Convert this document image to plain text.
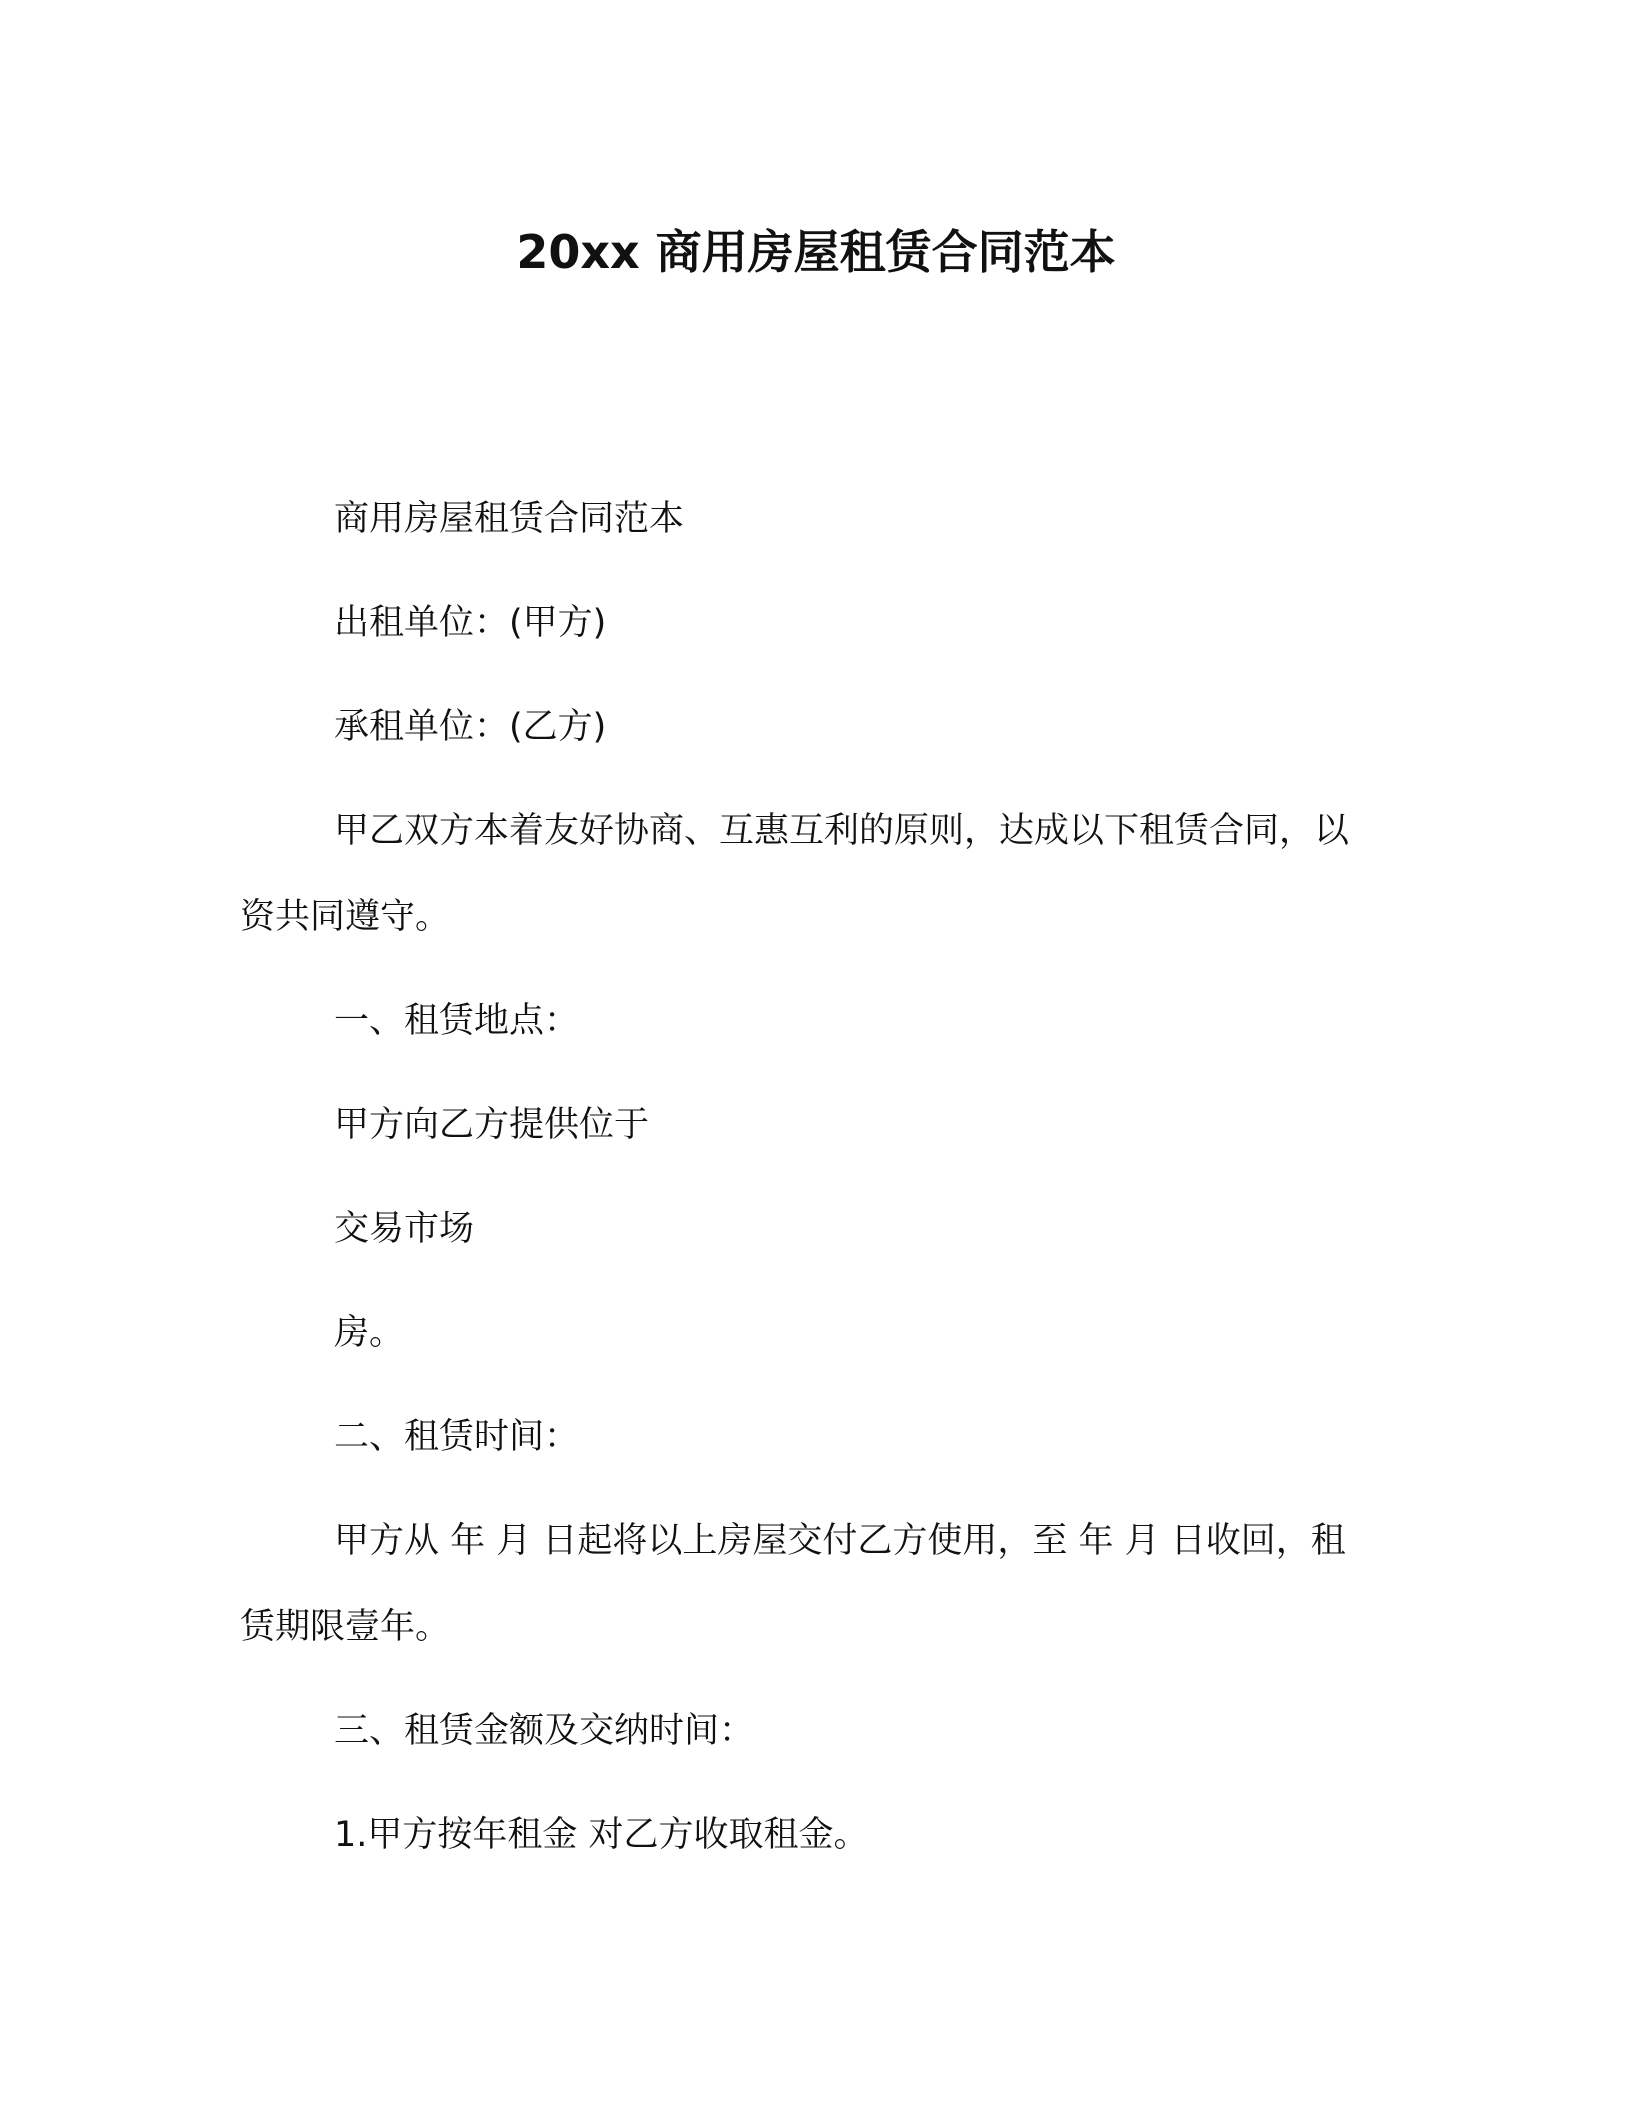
20xx 商用房屋租赁合同范本

商用房屋租赁合同范本

出租单位：(甲方)

承租单位：(乙方)

甲乙双方本着友好协商、互惠互利的原则，达成以下租赁合同，以资共同遵守。

一、租赁地点：

甲方向乙方提供位于

交易市场

房。

二、租赁时间：

甲方从 年 月 日起将以上房屋交付乙方使用，至 年 月 日收回，租赁期限壹年。

三、租赁金额及交纳时间：

1.甲方按年租金 对乙方收取租金。
